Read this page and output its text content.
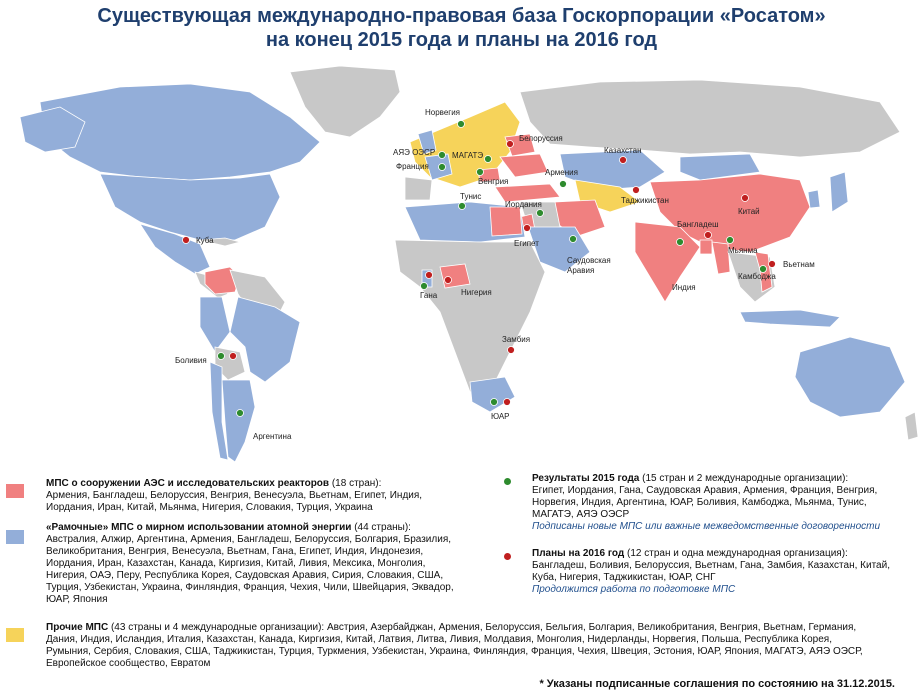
Существующая международно-правовая база Госкорпорации «Росатом»
на конец 2015 года и планы на 2016 год
Норвегия
Белоруссия
АЯЭ ОЭСР МАГАТЭ
Франция
Венгрия
Казахстан
Армения
Тунис
Иордания	Таджикистан
Китай
Бангладеш
Египет
Саудовская
Аравия
Куба
Мьянма
Вьетнам
Камбоджа
Индия
Гана	Нигерия
Замбия
Боливия
ЮАР
Аргентина
МПС о сооружении АЭС и исследовательских реакторов (18 стран):
Армения, Бангладеш, Белоруссия, Венгрия, Венесуэла, Вьетнам, Египет, Индия, Иордания, Иран, Китай, Мьянма, Нигерия, Словакия, Турция, Украина
«Рамочные» МПС о мирном использовании атомной энергии (44 страны):
Австралия, Алжир, Аргентина, Армения, Бангладеш, Белоруссия, Болгария, Бразилия, Великобритания, Венгрия, Венесуэла, Вьетнам, Гана, Египет, Индия, Индонезия, Иордания, Иран, Казахстан, Канада, Киргизия, Китай, Ливия, Мексика, Монголия, Нигерия, ОАЭ, Перу, Республика Корея, Саудовская Аравия, Сирия, Словакия, США, Турция, Узбекистан, Украина, Финляндия, Франция, Чехия, Чили, Швейцария, Эквадор, ЮАР, Япония
Прочие МПС (43 страны и 4 международные организации): Австрия, Азербайджан, Армения, Белоруссия, Бельгия, Болгария, Великобритания, Венгрия, Вьетнам, Германия, Дания, Индия, Исландия, Италия, Казахстан, Канада, Киргизия, Китай, Латвия, Литва, Ливия, Молдавия, Монголия, Нидерланды, Норвегия, Польша, Республика Корея, Румыния, Сербия, Словакия, США, Таджикистан, Турция, Туркмения, Узбекистан, Украина, Финляндия, Франция, Чехия, Швеция, Эстония, ЮАР, Япония, МАГАТЭ, АЯЭ ОЭСР, Европейское сообщество, Евратом
Результаты 2015 года (15 стран и 2 международные организации):
Египет, Иордания, Гана, Саудовская Аравия, Армения, Франция, Венгрия, Норвегия, Индия, Аргентина, ЮАР, Боливия, Камбоджа, Мьянма, Тунис, МАГАТЭ, АЯЭ ОЭСР
Подписаны новые МПС или важные межведомственные договоренности
Планы на 2016 год (12 стран и одна международная организация):
Бангладеш, Боливия, Белоруссия, Вьетнам, Гана, Замбия, Казахстан, Китай, Куба, Нигерия, Таджикистан, ЮАР, СНГ
Продолжится работа по подготовке МПС
* Указаны подписанные соглашения по состоянию на 31.12.2015.
